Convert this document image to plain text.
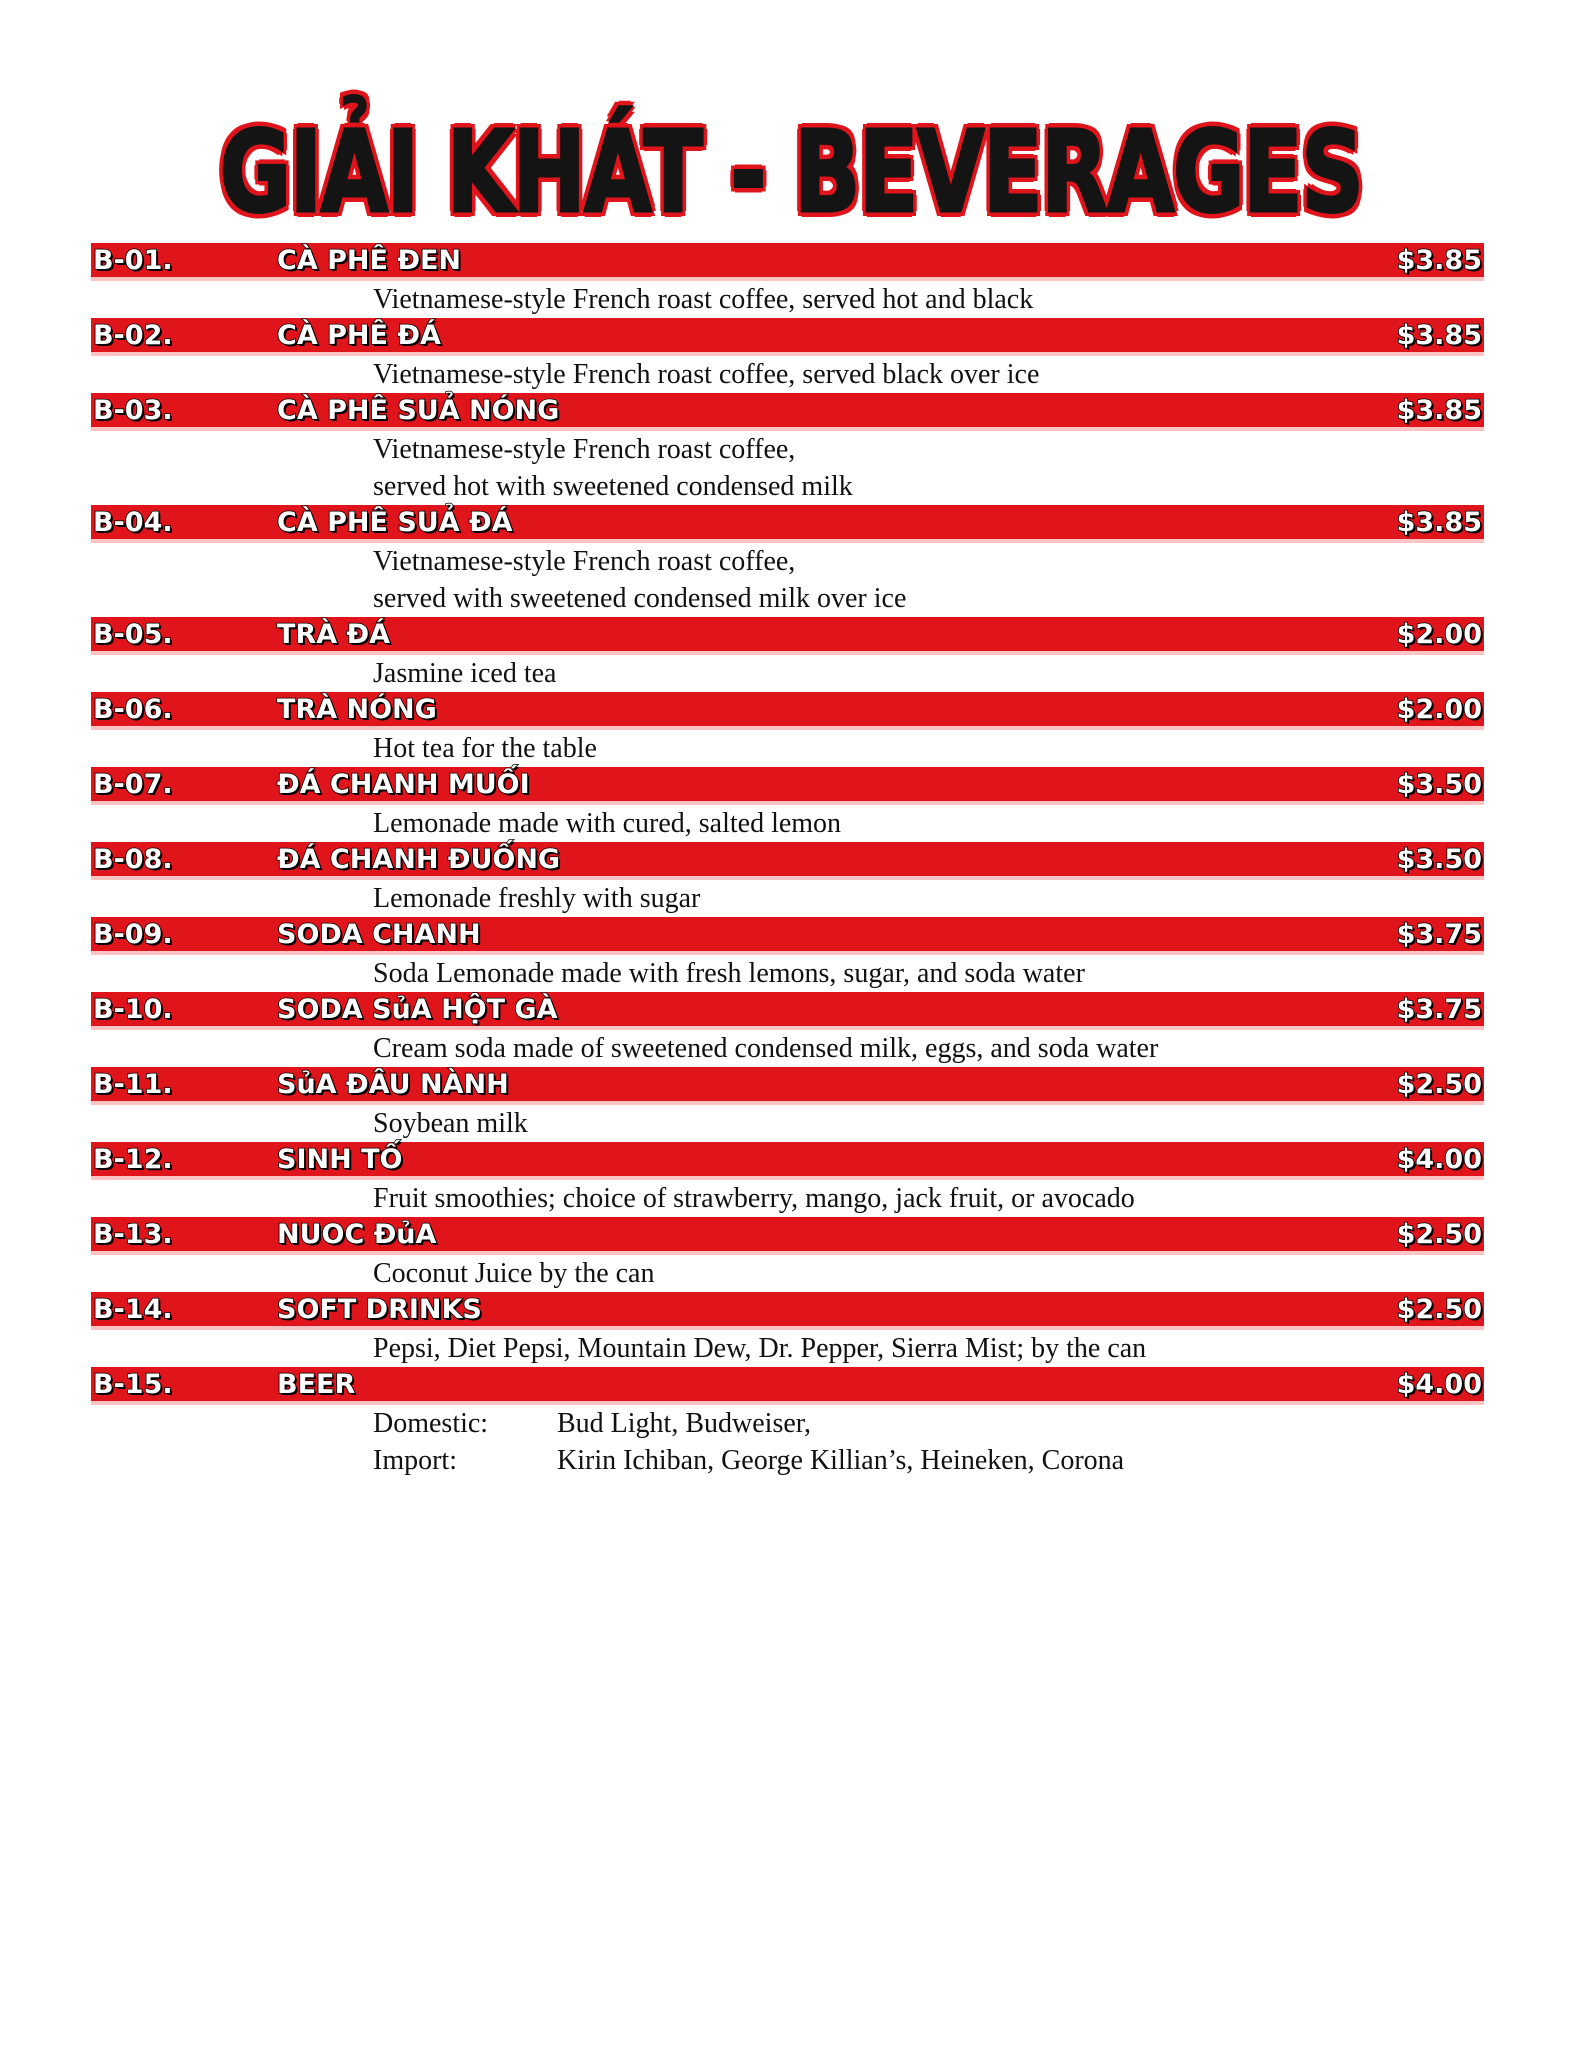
GIẢI KHÁT - BEVERAGES
B-01.	CÀ PHÊ ĐEN	$3.85
Vietnamese-style French roast coffee, served hot and black
B-02.	CÀ PHÊ ĐÁ	$3.85
Vietnamese-style French roast coffee, served black over ice
B-03.	CÀ PHÊ SUẢ NÓNG	$3.85
Vietnamese-style French roast coffee,
served hot with sweetened condensed milk
B-04.	CÀ PHÊ SUẢ ĐÁ	$3.85
Vietnamese-style French roast coffee,
served with sweetened condensed milk over ice
B-05.	TRÀ ĐÁ	$2.00
Jasmine iced tea
B-06.	TRÀ NÓNG	$2.00
Hot tea for the table
B-07.	ĐÁ CHANH MUỐI	$3.50
Lemonade made with cured, salted lemon
B-08.	ĐÁ CHANH ĐUỐNG	$3.50
Lemonade freshly with sugar
B-09.	SODA CHANH	$3.75
Soda Lemonade made with fresh lemons, sugar, and soda water
B-10.	SODA SủA HỘT GÀ	$3.75
Cream soda made of sweetened condensed milk, eggs, and soda water
B-11.	SủA ĐÂU NÀNH	$2.50
Soybean milk
B-12.	SINH TỐ	$4.00
Fruit smoothies; choice of strawberry, mango, jack fruit, or avocado
B-13.	NUOC ĐủA	$2.50
Coconut Juice by the can
B-14.	SOFT DRINKS	$2.50
Pepsi, Diet Pepsi, Mountain Dew, Dr. Pepper, Sierra Mist; by the can
B-15.	BEER	$4.00
Domestic: Bud Light, Budweiser,
Import:	Kirin Ichiban, George Killian’s, Heineken, Corona
